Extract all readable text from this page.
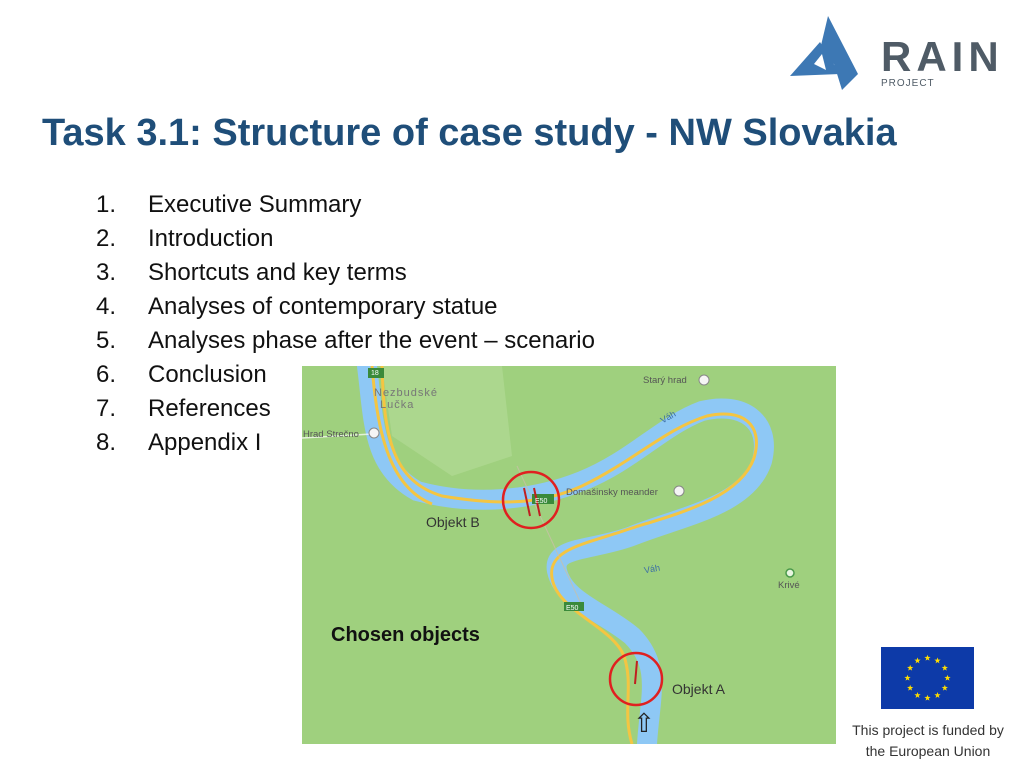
RAIN
PROJECT
Task 3.1: Structure of case study - NW Slovakia
1.	Executive Summary
2.	Introduction
3.	Shortcuts and key terms
4.	Analyses of contemporary statue
5.	Analyses phase after the event – scenario
6.	Conclusion
7.	References
8.	Appendix I
18
E50
E50
Nezbudské
Lučka
Starý hrad
Hrad Strečno
Domašinsky meander
Krivé
Váh
Váh
Objekt B
Objekt A
Chosen objects
⇧	This project is funded by
the European Union
